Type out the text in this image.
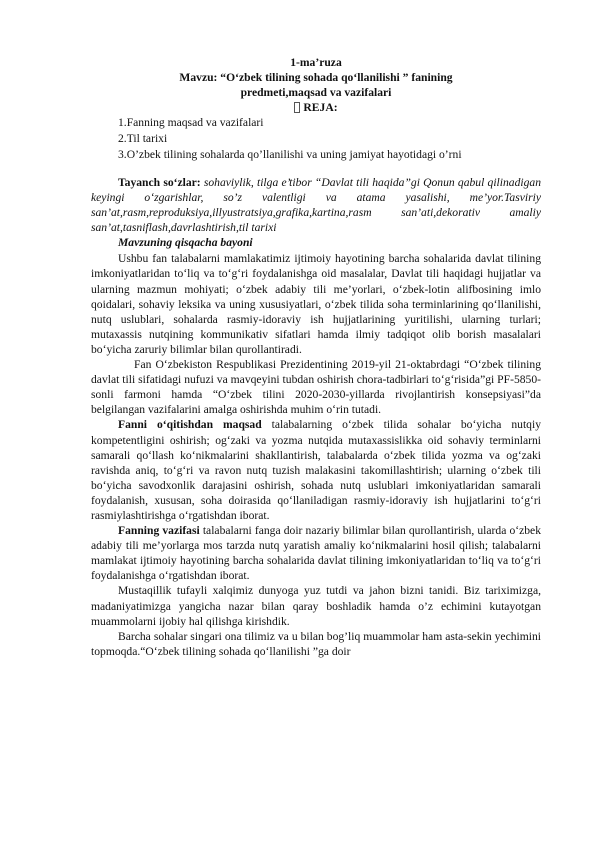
1-ma’ruza
Mavzu: “O‘zbek tilining sohada qo‘llanilishi ” fanining
predmeti,maqsad va vazifalari
REJA:
1.Fanning maqsad va vazifalari
2.Til tarixi
3.O’zbek tilining sohalarda qo’llanilishi va uning jamiyat hayotidagi o’rni

Tayanch so‘zlar: sohaviylik, tilga e’tibor “Davlat tili haqida”gi Qonun qabul qilinadigan keyingi o‘zgarishlar, so’z valentligi va atama yasalishi, me’yor.Tasviriy san’at,rasm,reproduksiya,illyustratsiya,grafika,kartina,rasm san’ati,dekorativ amaliy san’at,tasniflash,davrlashtirish,til tarixi

Mavzuning qisqacha bayoni

Ushbu fan talabalarni mamlakatimiz ijtimoiy hayotining barcha sohalarida davlat tilining imkoniyatlaridan to‘liq va to‘g‘ri foydalanishga oid masalalar, Davlat tili haqidagi hujjatlar va ularning mazmun mohiyati; o‘zbek adabiy tili me’yorlari, o‘zbek-lotin alifbosining imlo qoidalari, sohaviy leksika va uning xususiyatlari, o‘zbek tilida soha terminlarining qo‘llanilishi, nutq uslublari, sohalarda rasmiy-idoraviy ish hujjatlarining yuritilishi, ularning turlari; mutaxassis nutqining kommunikativ sifatlari hamda ilmiy tadqiqot olib borish masalalari bo‘yicha zaruriy bilimlar bilan qurollantiradi.

Fan O‘zbekiston Respublikasi Prezidentining 2019-yil 21-oktabrdagi “O‘zbek tilining davlat tili sifatidagi nufuzi va mavqeyini tubdan oshirish chora-tadbirlari to‘g‘risida”gi PF-5850-sonli farmoni hamda “O‘zbek tilini 2020-2030-yillarda rivojlantirish konsepsiyasi”da belgilangan vazifalarini amalga oshirishda muhim o‘rin tutadi.

Fanni o‘qitishdan maqsad talabalarning o‘zbek tilida sohalar bo‘yicha nutqiy kompetentligini oshirish; og‘zaki va yozma nutqida mutaxassislikka oid sohaviy terminlarni samarali qo‘llash ko‘nikmalarini shakllantirish, talabalarda o‘zbek tilida yozma va og‘zaki ravishda aniq, to‘g‘ri va ravon nutq tuzish malakasini takomillashtirish; ularning o‘zbek tili bo‘yicha savodxonlik darajasini oshirish, sohada nutq uslublari imkoniyatlaridan samarali foydalanish, xususan, soha doirasida qo‘llaniladigan rasmiy-idoraviy ish hujjatlarini to‘g‘ri rasmiylashtirishga o‘rgatishdan iborat.

Fanning vazifasi talabalarni fanga doir nazariy bilimlar bilan qurollantirish, ularda o‘zbek adabiy tili me’yorlarga mos tarzda nutq yaratish amaliy ko‘nikmalarini hosil qilish; talabalarni mamlakat ijtimoiy hayotining barcha sohalarida davlat tilining imkoniyatlaridan to‘liq va to‘g‘ri foydalanishga o‘rgatishdan iborat.

Mustaqillik tufayli xalqimiz dunyoga yuz tutdi va jahon bizni tanidi. Biz tariximizga, madaniyatimizga yangicha nazar bilan qaray boshladik hamda o’z echimini kutayotgan muammolarni ijobiy hal qilishga kirishdik.

Barcha sohalar singari ona tilimiz va u bilan bog’liq muammolar ham asta-sekin yechimini topmoqda.“O‘zbek tilining sohada qo‘llanilishi ”ga doir
